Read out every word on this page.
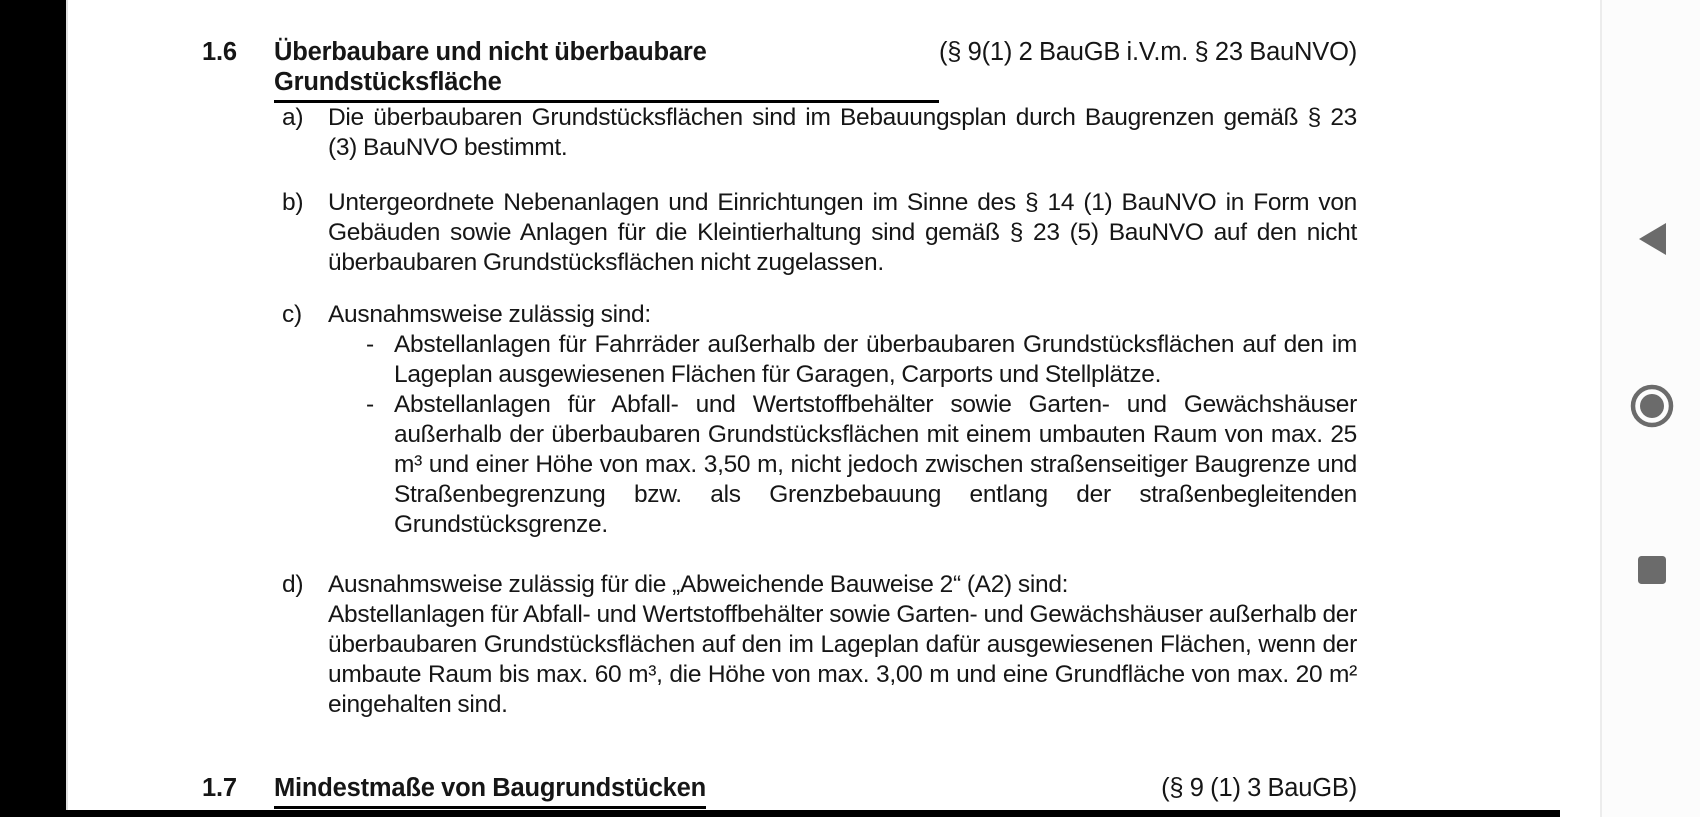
1.6	Überbaubare und nicht überbaubare Grundstücksfläche
(§ 9(1) 2 BauGB i.V.m. § 23 BauNVO)
a)	Die überbaubaren Grundstücksflächen sind im Bebauungsplan durch Baugrenzen gemäß § 23 (3) BauNVO bestimmt.
b)	Untergeordnete Nebenanlagen und Einrichtungen im Sinne des § 14 (1) BauNVO in Form von Gebäuden sowie Anlagen für die Kleintierhaltung sind gemäß § 23 (5) BauNVO auf den nicht überbaubaren Grundstücksflächen nicht zugelassen.
c)	Ausnahmsweise zulässig sind:
- Abstellanlagen für Fahrräder außerhalb der überbaubaren Grundstücksflächen auf den im Lageplan ausgewiesenen Flächen für Garagen, Carports und Stellplätze.
- Abstellanlagen für Abfall- und Wertstoffbehälter sowie Garten- und Gewächshäuser außerhalb der überbaubaren Grundstücksflächen mit einem umbauten Raum von max. 25 m³ und einer Höhe von max. 3,50 m, nicht jedoch zwischen straßenseitiger Baugrenze und Straßenbegrenzung bzw. als Grenzbebauung entlang der straßenbegleitenden Grundstücksgrenze.
d)	Ausnahmsweise zulässig für die „Abweichende Bauweise 2“ (A2) sind:
Abstellanlagen für Abfall- und Wertstoffbehälter sowie Garten- und Gewächshäuser außerhalb der überbaubaren Grundstücksflächen auf den im Lageplan dafür ausgewiesenen Flächen, wenn der umbaute Raum bis max. 60 m³, die Höhe von max. 3,00 m und eine Grundfläche von max. 20 m² eingehalten sind.
1.7	Mindestmaße von Baugrundstücken	(§ 9 (1) 3 BauGB)
